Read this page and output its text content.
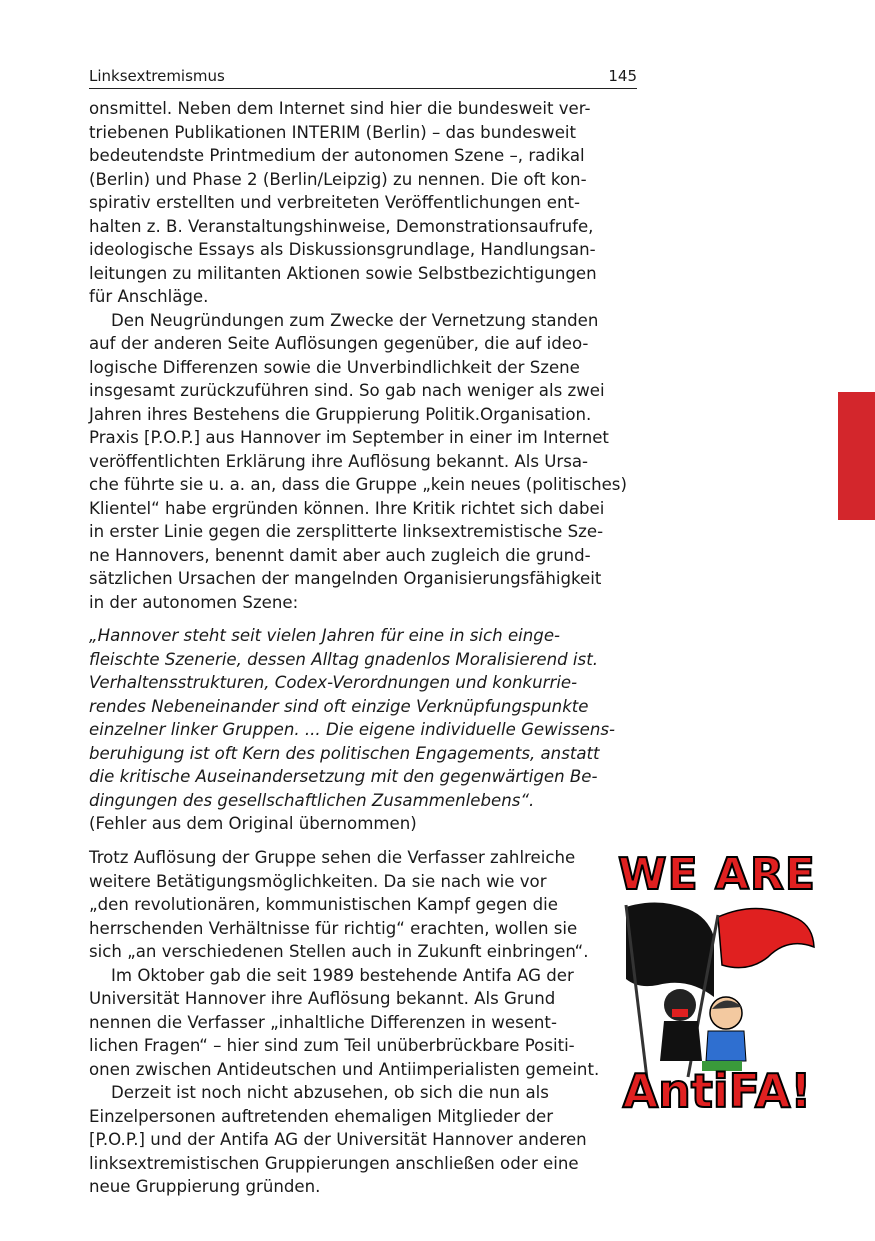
Linksextremismus	145

onsmittel. Neben dem Internet sind hier die bundesweit ver-
triebenen Publikationen INTERIM (Berlin) – das bundesweit
bedeutendste Printmedium der autonomen Szene –, radikal
(Berlin) und Phase 2 (Berlin/Leipzig) zu nennen. Die oft kon-
spirativ erstellten und verbreiteten Veröffentlichungen ent-
halten z. B. Veranstaltungshinweise, Demonstrationsaufrufe,
ideologische Essays als Diskussionsgrundlage, Handlungsan-
leitungen zu militanten Aktionen sowie Selbstbezichtigungen
für Anschläge.

Den Neugründungen zum Zwecke der Vernetzung standen
auf der anderen Seite Auflösungen gegenüber, die auf ideo-
logische Differenzen sowie die Unverbindlichkeit der Szene
insgesamt zurückzuführen sind. So gab nach weniger als zwei
Jahren ihres Bestehens die Gruppierung Politik.Organisation.
Praxis [P.O.P.] aus Hannover im September in einer im Internet
veröffentlichten Erklärung ihre Auflösung bekannt. Als Ursa-
che führte sie u. a. an, dass die Gruppe „kein neues (politisches)
Klientel“ habe ergründen können. Ihre Kritik richtet sich dabei
in erster Linie gegen die zersplitterte linksextremistische Sze-
ne Hannovers, benennt damit aber auch zugleich die grund-
sätzlichen Ursachen der mangelnden Organisierungsfähigkeit
in der autonomen Szene:

„Hannover steht seit vielen Jahren für eine in sich einge-
fleischte Szenerie, dessen Alltag gnadenlos Moralisierend ist.
Verhaltensstrukturen, Codex-Verordnungen und konkurrie-
rendes Nebeneinander sind oft einzige Verknüpfungspunkte
einzelner linker Gruppen. ... Die eigene individuelle Gewissens-
beruhigung ist oft Kern des politischen Engagements, anstatt
die kritische Auseinandersetzung mit den gegenwärtigen Be-
dingungen des gesellschaftlichen Zusammenlebens“.

(Fehler aus dem Original übernommen)

Trotz Auflösung der Gruppe sehen die Verfasser zahlreiche
weitere Betätigungsmöglichkeiten. Da sie nach wie vor
„den revolutionären, kommunistischen Kampf gegen die
herrschenden Verhältnisse für richtig“ erachten, wollen sie
sich „an verschiedenen Stellen auch in Zukunft einbringen“.

Im Oktober gab die seit 1989 bestehende Antifa AG der
Universität Hannover ihre Auflösung bekannt. Als Grund
nennen die Verfasser „inhaltliche Differenzen in wesent-
lichen Fragen“ – hier sind zum Teil unüberbrückbare Positi-
onen zwischen Antideutschen und Antiimperialisten gemeint.

Derzeit ist noch nicht abzusehen, ob sich die nun als
Einzelpersonen auftretenden ehemaligen Mitglieder der
[P.O.P.] und der Antifa AG der Universität Hannover anderen
linksextremistischen Gruppierungen anschließen oder eine
neue Gruppierung gründen.

WE ARE
AntiFA!
